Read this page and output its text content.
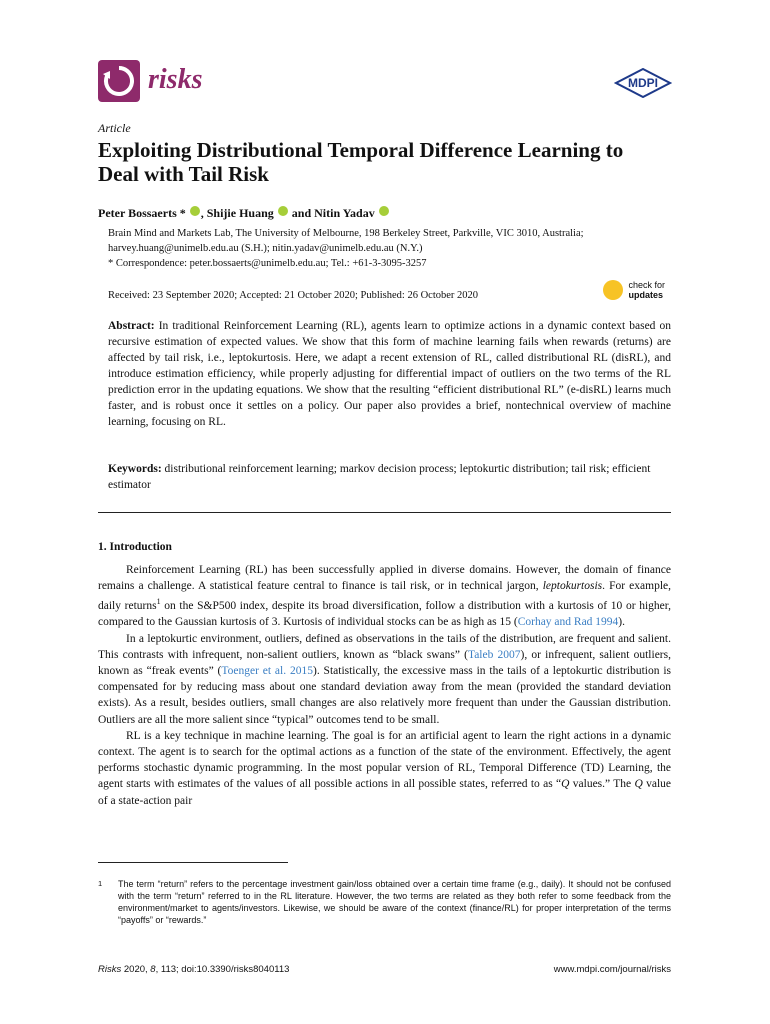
risks	MDPI
Article
Exploiting Distributional Temporal Difference Learning to Deal with Tail Risk
Peter Bossaerts * , Shijie Huang and Nitin Yadav
Brain Mind and Markets Lab, The University of Melbourne, 198 Berkeley Street, Parkville, VIC 3010, Australia;
harvey.huang@unimelb.edu.au (S.H.); nitin.yadav@unimelb.edu.au (N.Y.)
* Correspondence: peter.bossaerts@unimelb.edu.au; Tel.: +61-3-3095-3257
Received: 23 September 2020; Accepted: 21 October 2020; Published: 26 October 2020
check for
updates
Abstract: In traditional Reinforcement Learning (RL), agents learn to optimize actions in a dynamic context based on recursive estimation of expected values. We show that this form of machine learning fails when rewards (returns) are affected by tail risk, i.e., leptokurtosis. Here, we adapt a recent extension of RL, called distributional RL (disRL), and introduce estimation efficiency, while properly adjusting for differential impact of outliers on the two terms of the RL prediction error in the updating equations. We show that the resulting “efficient distributional RL” (e-disRL) learns much faster, and is robust once it settles on a policy. Our paper also provides a brief, nontechnical overview of machine learning, focusing on RL.
Keywords: distributional reinforcement learning; markov decision process; leptokurtic distribution; tail risk; efficient estimator
1. Introduction

Reinforcement Learning (RL) has been successfully applied in diverse domains. However, the domain of finance remains a challenge. A statistical feature central to finance is tail risk, or in technical jargon, leptokurtosis. For example, daily returns$^1$ on the S&P500 index, despite its broad diversification, follow a distribution with a kurtosis of 10 or higher, compared to the Gaussian kurtosis of 3. Kurtosis of individual stocks can be as high as 15 (Corhay and Rad 1994).

In a leptokurtic environment, outliers, defined as observations in the tails of the distribution, are frequent and salient. This contrasts with infrequent, non-salient outliers, known as “black swans” (Taleb 2007), or infrequent, salient outliers, known as “freak events” (Toenger et al. 2015). Statistically, the excessive mass in the tails of a leptokurtic distribution is compensated for by reducing mass about one standard deviation away from the mean (provided the standard deviation exists). As a result, besides outliers, small changes are also relatively more frequent than under the Gaussian distribution. Outliers are all the more salient since “typical” outcomes tend to be small.

RL is a key technique in machine learning. The goal is for an artificial agent to learn the right actions in a dynamic context. The agent is to search for the optimal actions as a function of the state of the environment. Effectively, the agent performs stochastic dynamic programming. In the most popular version of RL, Temporal Difference (TD) Learning, the agent starts with estimates of the values of all possible actions in all possible states, referred to as “Q values.” The Q value of a state-action pair

1 The term “return” refers to the percentage investment gain/loss obtained over a certain time frame (e.g., daily). It should not be confused with the term “return” referred to in the RL literature. However, the two terms are related as they both refer to some feedback from the environment/market to agents/investors. Likewise, we should be aware of the context (finance/RL) for proper interpretation of the terms “payoffs” or “rewards.”
Risks 2020, 8, 113; doi:10.3390/risks8040113	www.mdpi.com/journal/risks
